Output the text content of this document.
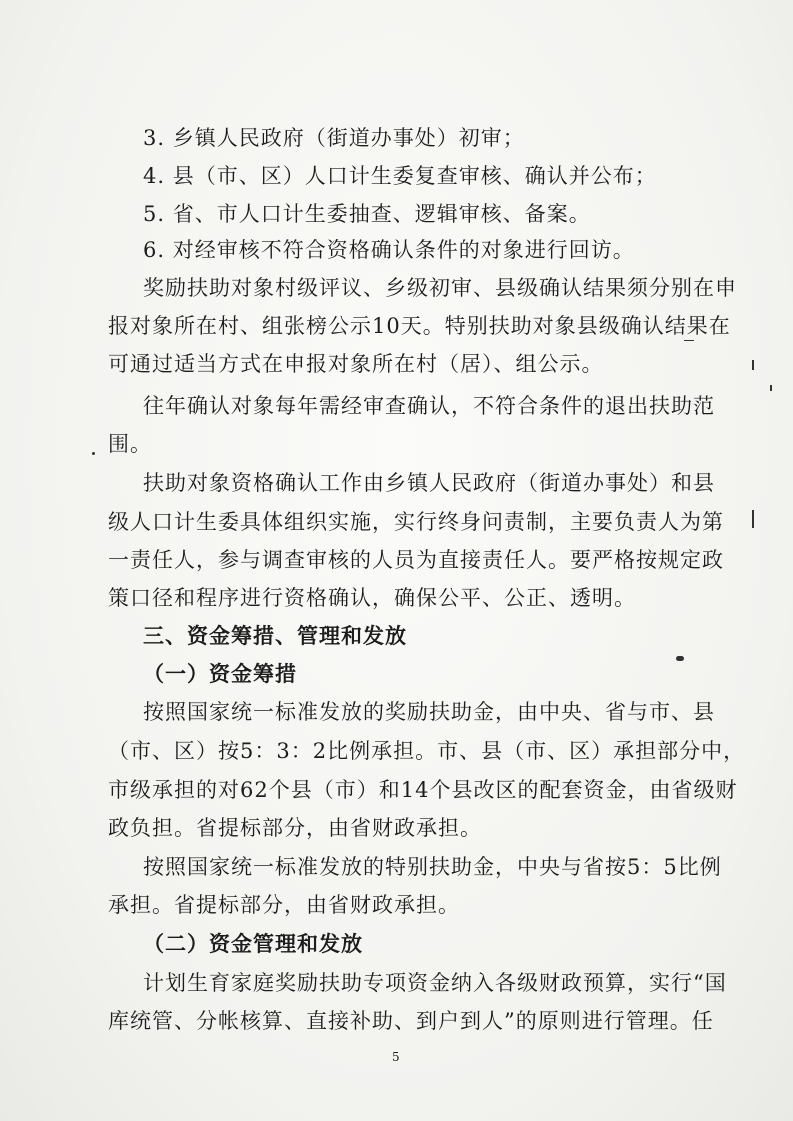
3. 乡镇人民政府（街道办事处）初审；
4. 县（市、区）人口计生委复查审核、确认并公布；
5. 省、市人口计生委抽查、逻辑审核、备案。
6. 对经审核不符合资格确认条件的对象进行回访。
奖励扶助对象村级评议、乡级初审、县级确认结果须分别在申
报对象所在村、组张榜公示10天。特别扶助对象县级确认结果在
可通过适当方式在申报对象所在村（居）、组公示。
往年确认对象每年需经审查确认，不符合条件的退出扶助范
围。
扶助对象资格确认工作由乡镇人民政府（街道办事处）和县
级人口计生委具体组织实施，实行终身问责制，主要负责人为第
一责任人，参与调查审核的人员为直接责任人。要严格按规定政
策口径和程序进行资格确认，确保公平、公正、透明。
三、资金筹措、管理和发放
（一）资金筹措
按照国家统一标准发放的奖励扶助金，由中央、省与市、县
（市、区）按5：3：2比例承担。市、县（市、区）承担部分中，
市级承担的对62个县（市）和14个县改区的配套资金，由省级财
政负担。省提标部分，由省财政承担。
按照国家统一标准发放的特别扶助金，中央与省按5：5比例
承担。省提标部分，由省财政承担。
（二）资金管理和发放
计划生育家庭奖励扶助专项资金纳入各级财政预算，实行“国
库统管、分帐核算、直接补助、到户到人”的原则进行管理。任
5
